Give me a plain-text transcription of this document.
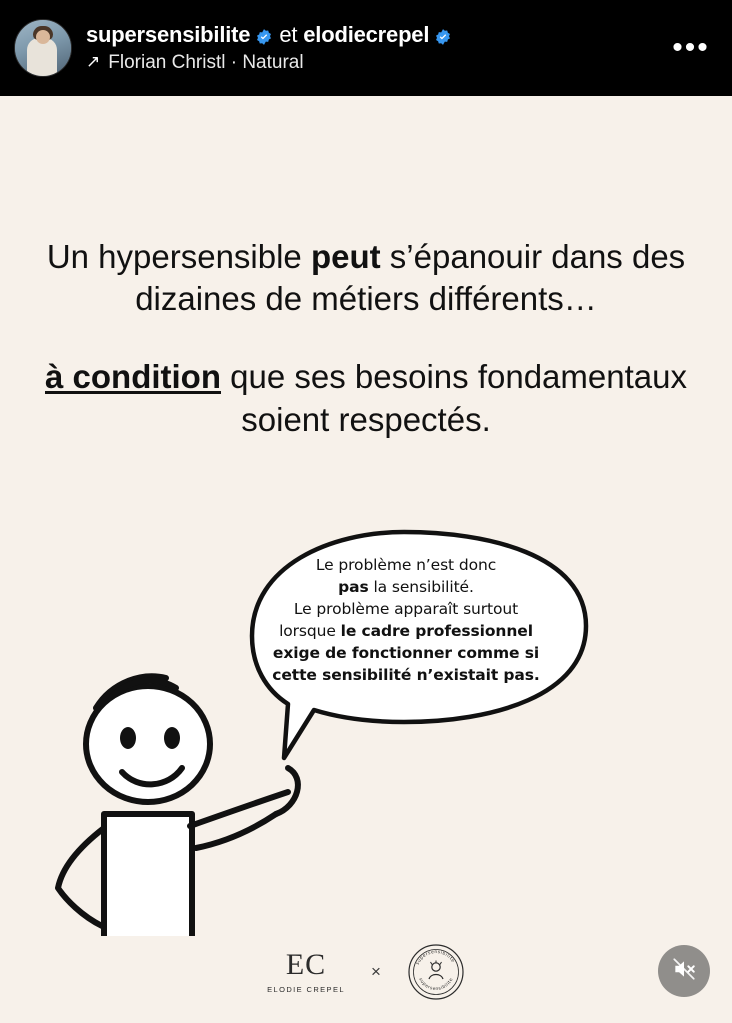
supersensibilite et elodiecrepel
↗ Florian Christl · Natural	•••
Un hypersensible peut s’épanouir dans des dizaines de métiers différents…
à condition que ses besoins fondamentaux soient respectés.
Le problème n’est donc
pas la sensibilité.
Le problème apparaît surtout
lorsque le cadre professionnel
exige de fonctionner comme si
cette sensibilité n’existait pas.
EC
ELODIE CREPEL
×	supersensibilite
supersensibilite
